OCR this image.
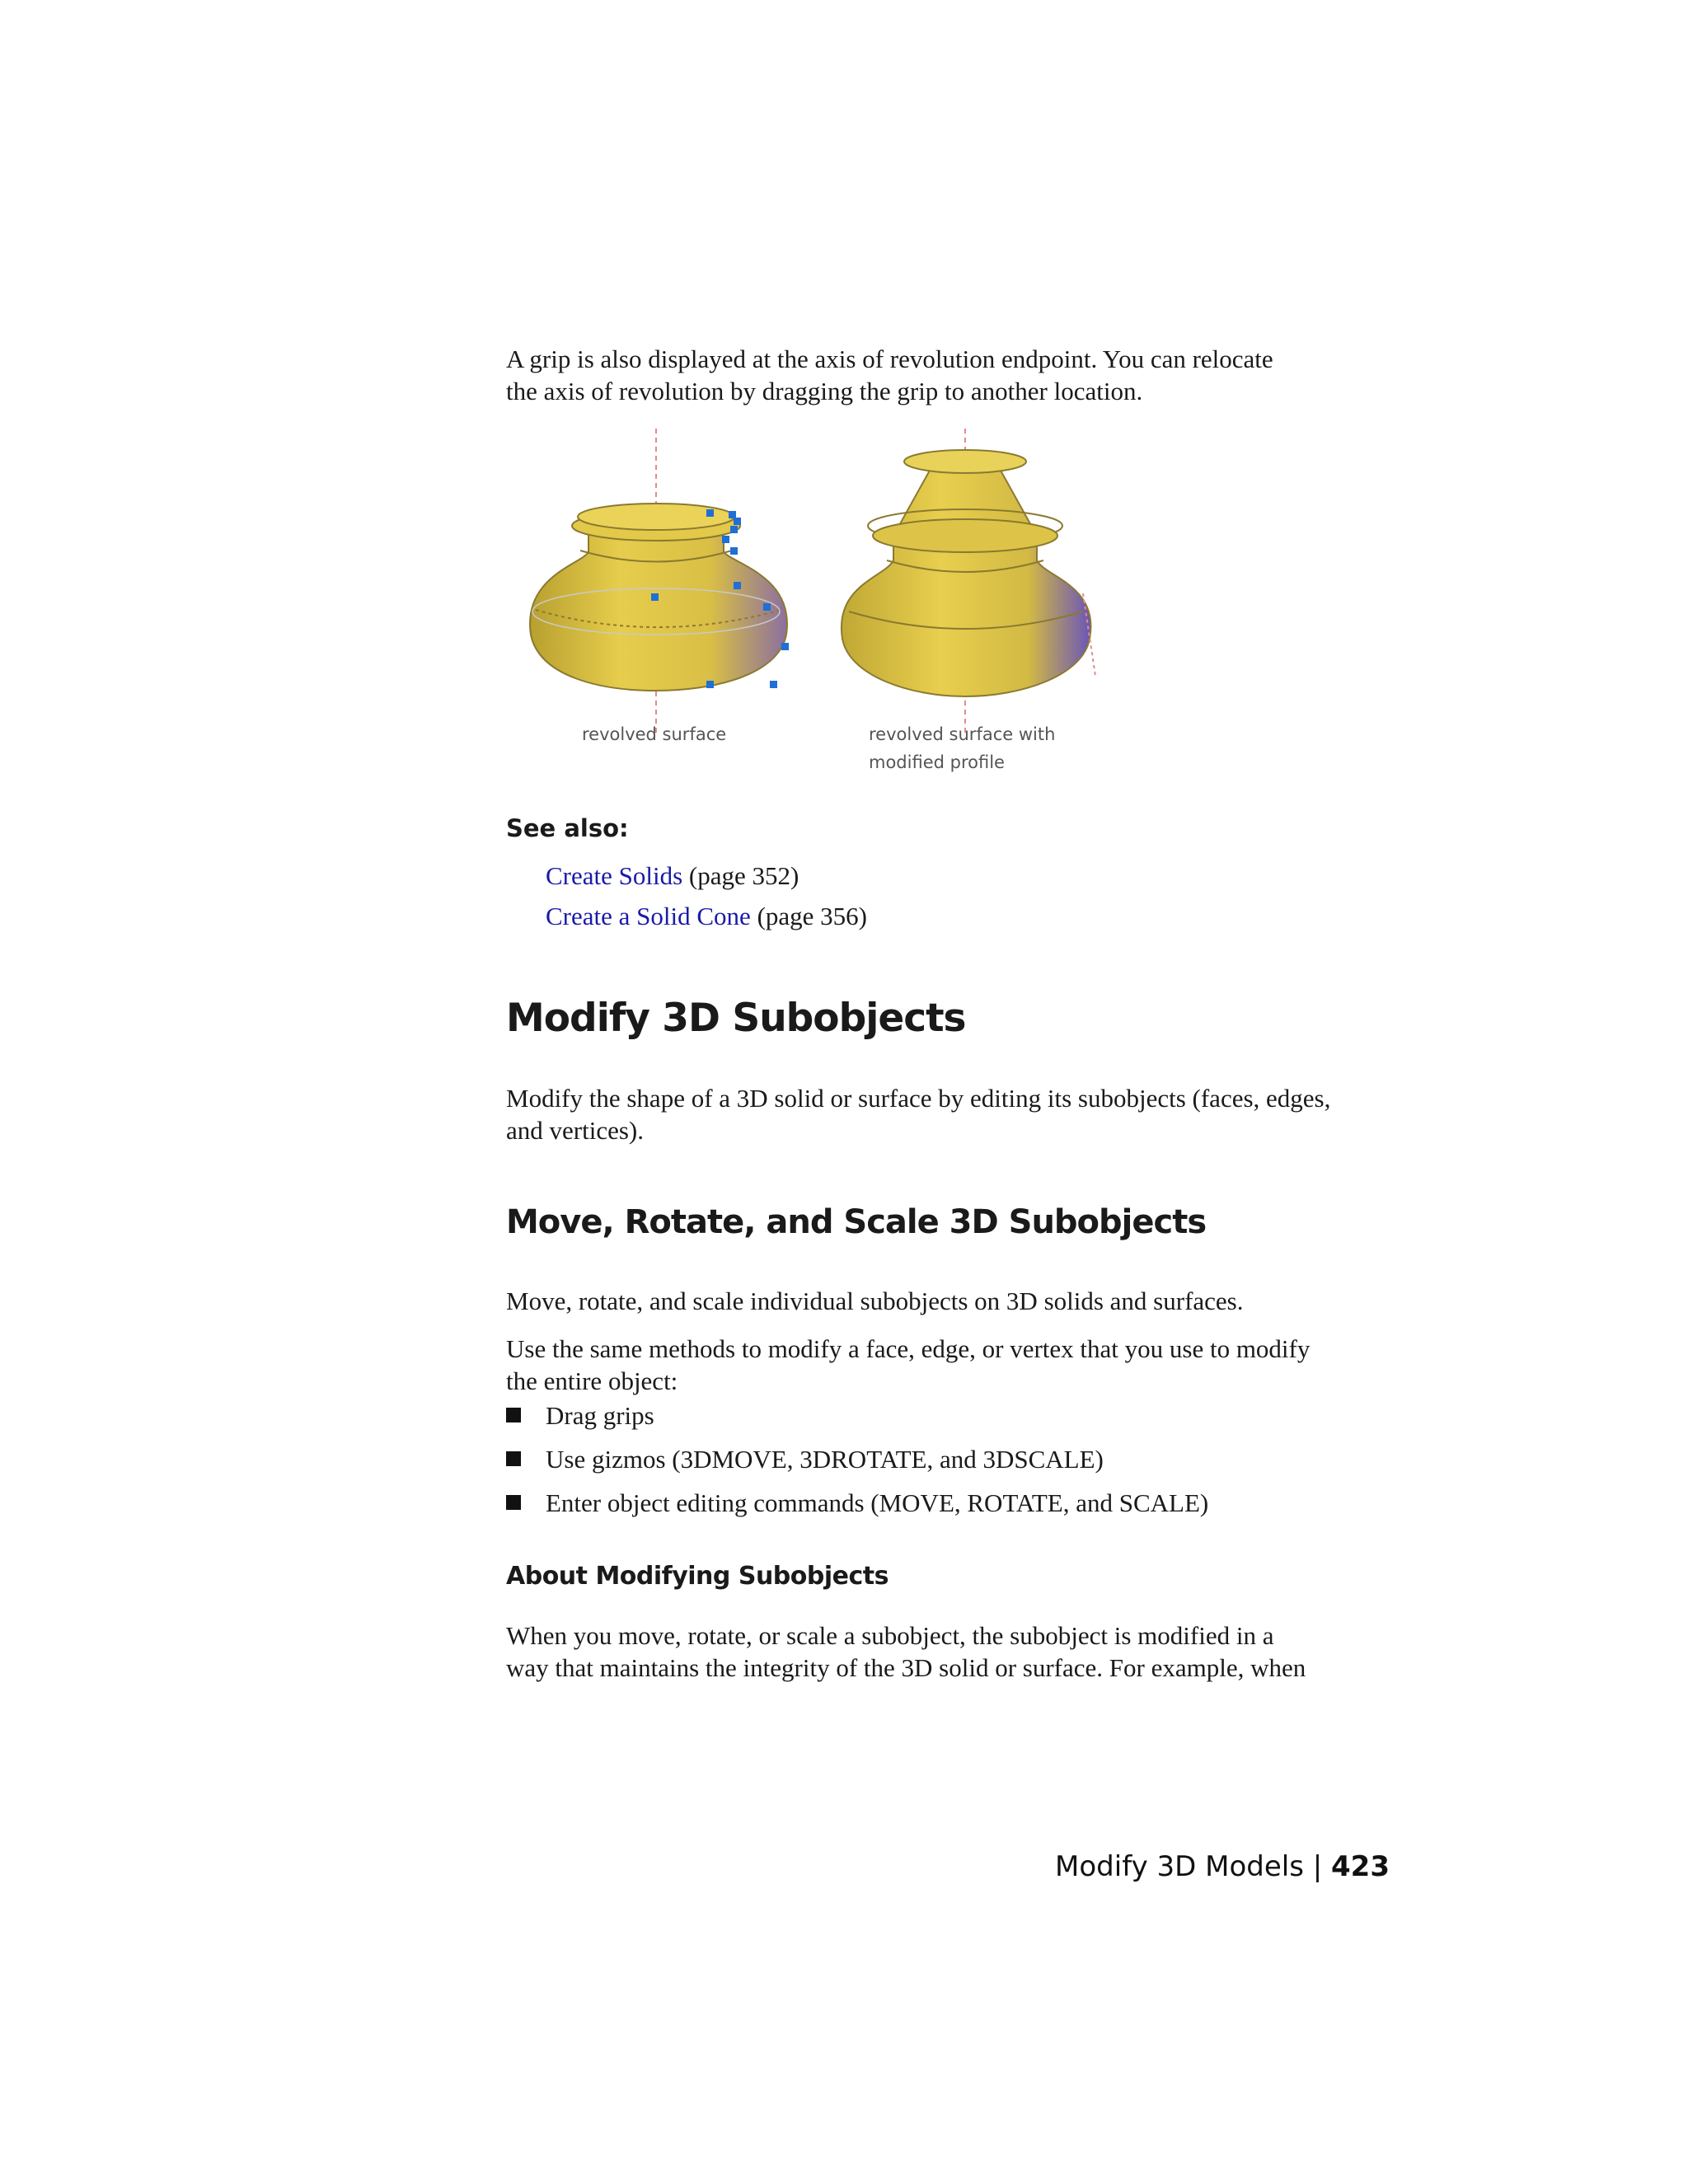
A grip is also displayed at the axis of revolution endpoint. You can relocate

the axis of revolution by dragging the grip to another location.

revolved surface	revolved surface with
modified profile
See also:
Create Solids (page 352)
Create a Solid Cone (page 356)
Modify 3D Subobjects

Modify the shape of a 3D solid or surface by editing its subobjects (faces, edges,

and vertices).

Move, Rotate, and Scale 3D Subobjects

Move, rotate, and scale individual subobjects on 3D solids and surfaces.

Use the same methods to modify a face, edge, or vertex that you use to modify

the entire object:

Drag grips
Use gizmos (3DMOVE, 3DROTATE, and 3DSCALE)
Enter object editing commands (MOVE, ROTATE, and SCALE)
About Modifying Subobjects

When you move, rotate, or scale a subobject, the subobject is modified in a

way that maintains the integrity of the 3D solid or surface. For example, when

Modify 3D Models | 423
